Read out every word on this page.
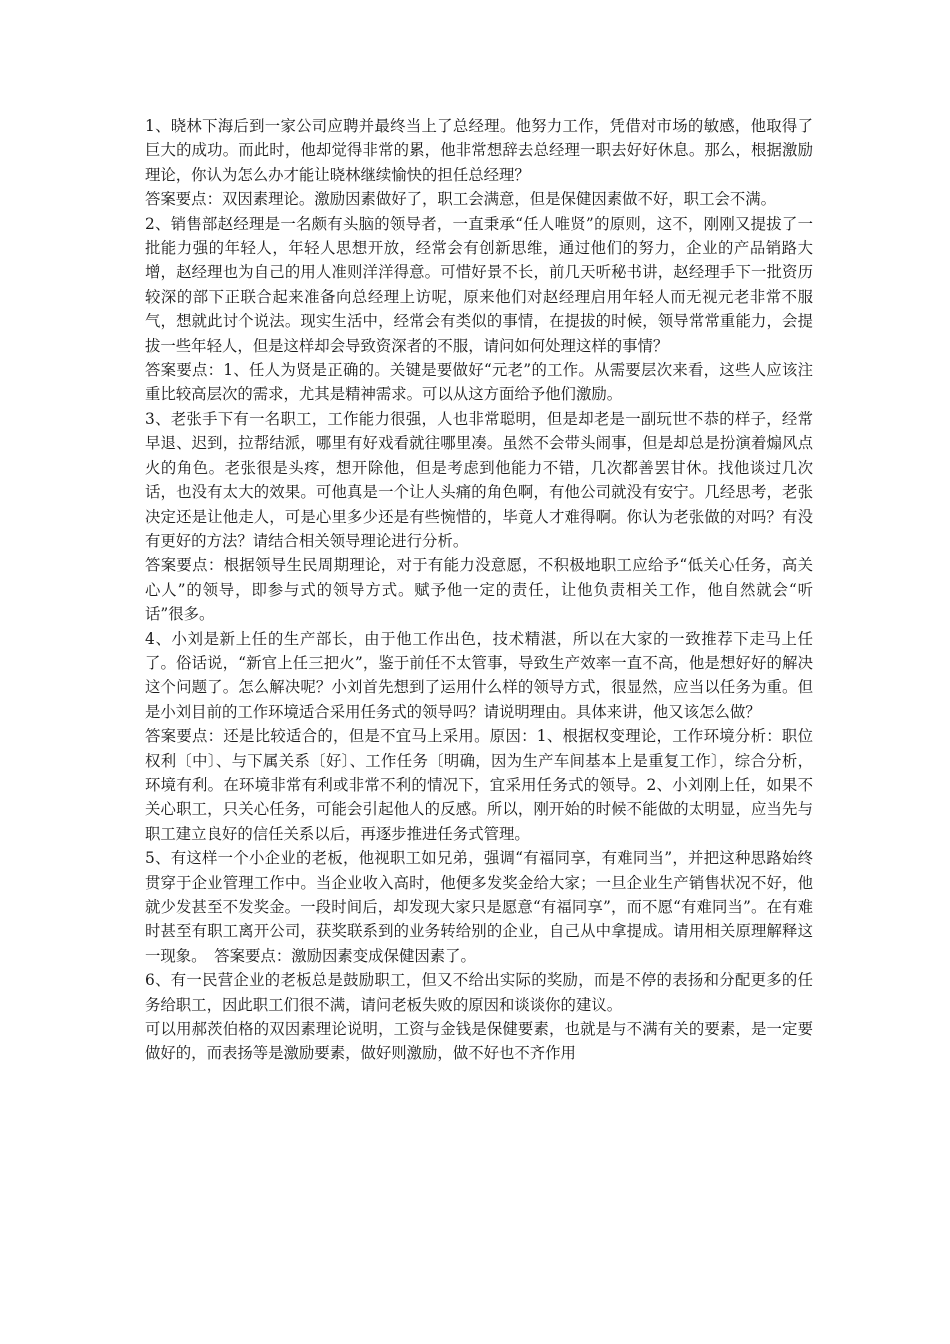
1、晓林下海后到一家公司应聘并最终当上了总经理。他努力工作，凭借对市场的敏感，他取得了巨大的成功。而此时，他却觉得非常的累，他非常想辞去总经理一职去好好休息。那么，根据激励理论，你认为怎么办才能让晓林继续愉快的担任总经理？

答案要点：双因素理论。激励因素做好了，职工会满意，但是保健因素做不好，职工会不满。

2、销售部赵经理是一名颇有头脑的领导者，一直秉承“任人唯贤”的原则，这不，刚刚又提拔了一批能力强的年轻人，年轻人思想开放，经常会有创新思维，通过他们的努力，企业的产品销路大增，赵经理也为自己的用人准则洋洋得意。可惜好景不长，前几天听秘书讲，赵经理手下一批资历较深的部下正联合起来准备向总经理上访呢，原来他们对赵经理启用年轻人而无视元老非常不服气，想就此讨个说法。现实生活中，经常会有类似的事情，在提拔的时候，领导常常重能力，会提拔一些年轻人，但是这样却会导致资深者的不服，请问如何处理这样的事情？

答案要点：1、任人为贤是正确的。关键是要做好“元老”的工作。从需要层次来看，这些人应该注重比较高层次的需求，尤其是精神需求。可以从这方面给予他们激励。

3、老张手下有一名职工，工作能力很强，人也非常聪明，但是却老是一副玩世不恭的样子，经常早退、迟到，拉帮结派，哪里有好戏看就往哪里凑。虽然不会带头闹事，但是却总是扮演着煽风点火的角色。老张很是头疼，想开除他，但是考虑到他能力不错，几次都善罢甘休。找他谈过几次话，也没有太大的效果。可他真是一个让人头痛的角色啊，有他公司就没有安宁。几经思考，老张决定还是让他走人，可是心里多少还是有些惋惜的，毕竟人才难得啊。你认为老张做的对吗？有没有更好的方法？请结合相关领导理论进行分析。

答案要点：根据领导生民周期理论，对于有能力没意愿，不积极地职工应给予“低关心任务，高关心人”的领导，即参与式的领导方式。赋予他一定的责任，让他负责相关工作，他自然就会“听话”很多。

4、小刘是新上任的生产部长，由于他工作出色，技术精湛，所以在大家的一致推荐下走马上任了。俗话说，“新官上任三把火”，鉴于前任不太管事，导致生产效率一直不高，他是想好好的解决这个问题了。怎么解决呢？小刘首先想到了运用什么样的领导方式，很显然，应当以任务为重。但是小刘目前的工作环境适合采用任务式的领导吗？请说明理由。具体来讲，他又该怎么做？

答案要点：还是比较适合的，但是不宜马上采用。原因：1、根据权变理论，工作环境分析：职位权利〔中〕、与下属关系〔好〕、工作任务〔明确，因为生产车间基本上是重复工作〕，综合分析，环境有利。在环境非常有利或非常不利的情况下，宜采用任务式的领导。2、小刘刚上任，如果不关心职工，只关心任务，可能会引起他人的反感。所以，刚开始的时候不能做的太明显，应当先与职工建立良好的信任关系以后，再逐步推进任务式管理。

5、有这样一个小企业的老板，他视职工如兄弟，强调“有福同享，有难同当”，并把这种思路始终贯穿于企业管理工作中。当企业收入高时，他便多发奖金给大家；一旦企业生产销售状况不好，他就少发甚至不发奖金。一段时间后，却发现大家只是愿意“有福同享”，而不愿“有难同当”。在有难时甚至有职工离开公司，获奖联系到的业务转给别的企业，自己从中拿提成。请用相关原理解释这一现象。　答案要点：激励因素变成保健因素了。

6、有一民营企业的老板总是鼓励职工，但又不给出实际的奖励，而是不停的表扬和分配更多的任务给职工，因此职工们很不满，请问老板失败的原因和谈谈你的建议。

可以用郝茨伯格的双因素理论说明，工资与金钱是保健要素，也就是与不满有关的要素，是一定要做好的，而表扬等是激励要素，做好则激励，做不好也不齐作用
